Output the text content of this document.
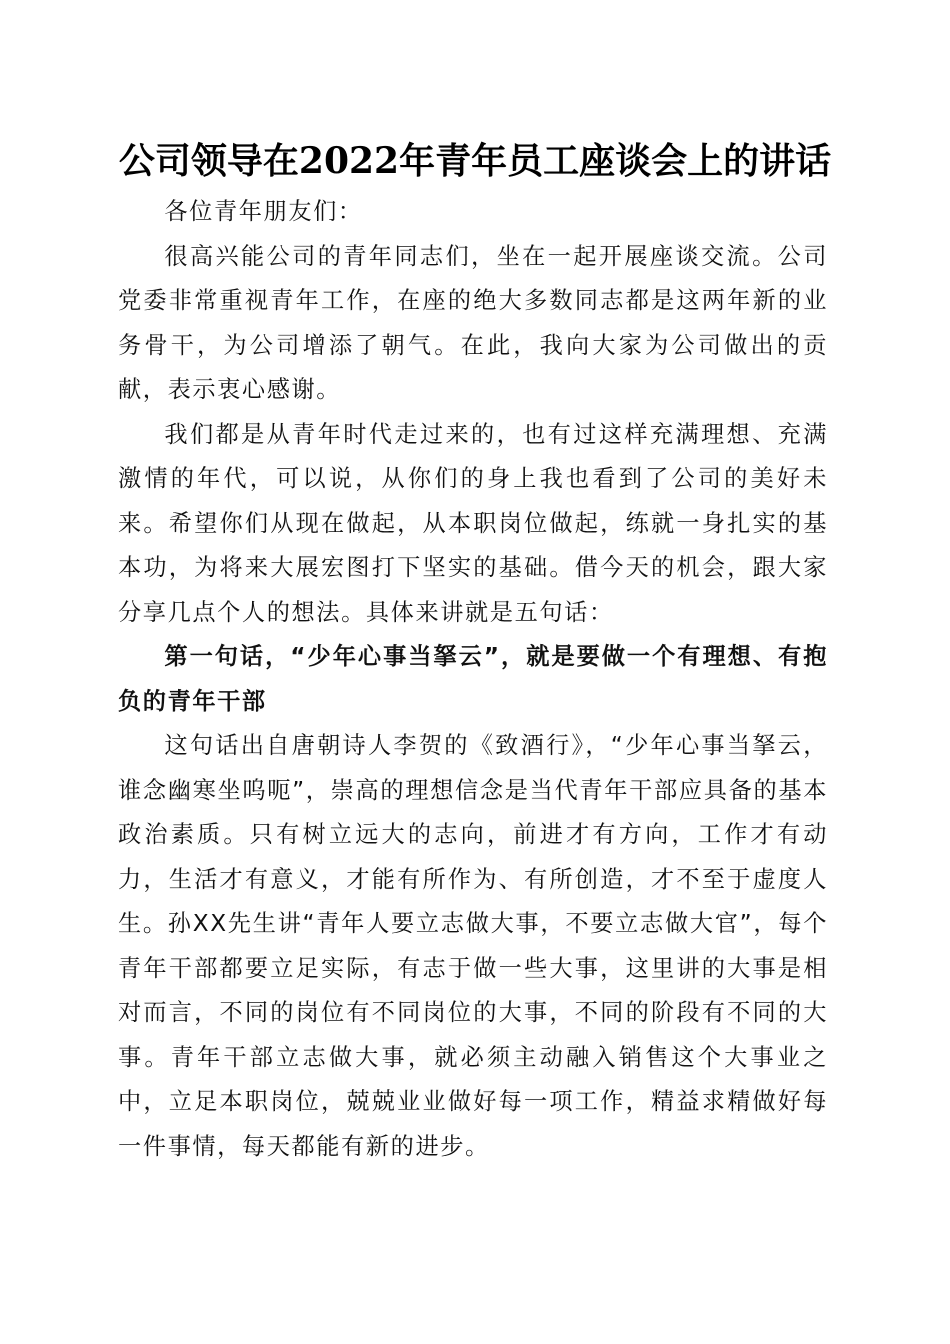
公司领导在2022年青年员工座谈会上的讲话

各位青年朋友们：

很高兴能公司的青年同志们，坐在一起开展座谈交流。公司党委非常重视青年工作，在座的绝大多数同志都是这两年新的业务骨干，为公司增添了朝气。在此，我向大家为公司做出的贡献，表示衷心感谢。

我们都是从青年时代走过来的，也有过这样充满理想、充满激情的年代，可以说，从你们的身上我也看到了公司的美好未来。希望你们从现在做起，从本职岗位做起，练就一身扎实的基本功，为将来大展宏图打下坚实的基础。借今天的机会，跟大家分享几点个人的想法。具体来讲就是五句话：

第一句话，“少年心事当拏云”，就是要做一个有理想、有抱负的青年干部

这句话出自唐朝诗人李贺的《致酒行》，“少年心事当拏云，谁念幽寒坐呜呃”，崇高的理想信念是当代青年干部应具备的基本政治素质。只有树立远大的志向，前进才有方向，工作才有动力，生活才有意义，才能有所作为、有所创造，才不至于虚度人生。孙XX先生讲“青年人要立志做大事，不要立志做大官”，每个青年干部都要立足实际，有志于做一些大事，这里讲的大事是相对而言，不同的岗位有不同岗位的大事，不同的阶段有不同的大事。青年干部立志做大事，就必须主动融入销售这个大事业之中，立足本职岗位，兢兢业业做好每一项工作，精益求精做好每一件事情，每天都能有新的进步。
